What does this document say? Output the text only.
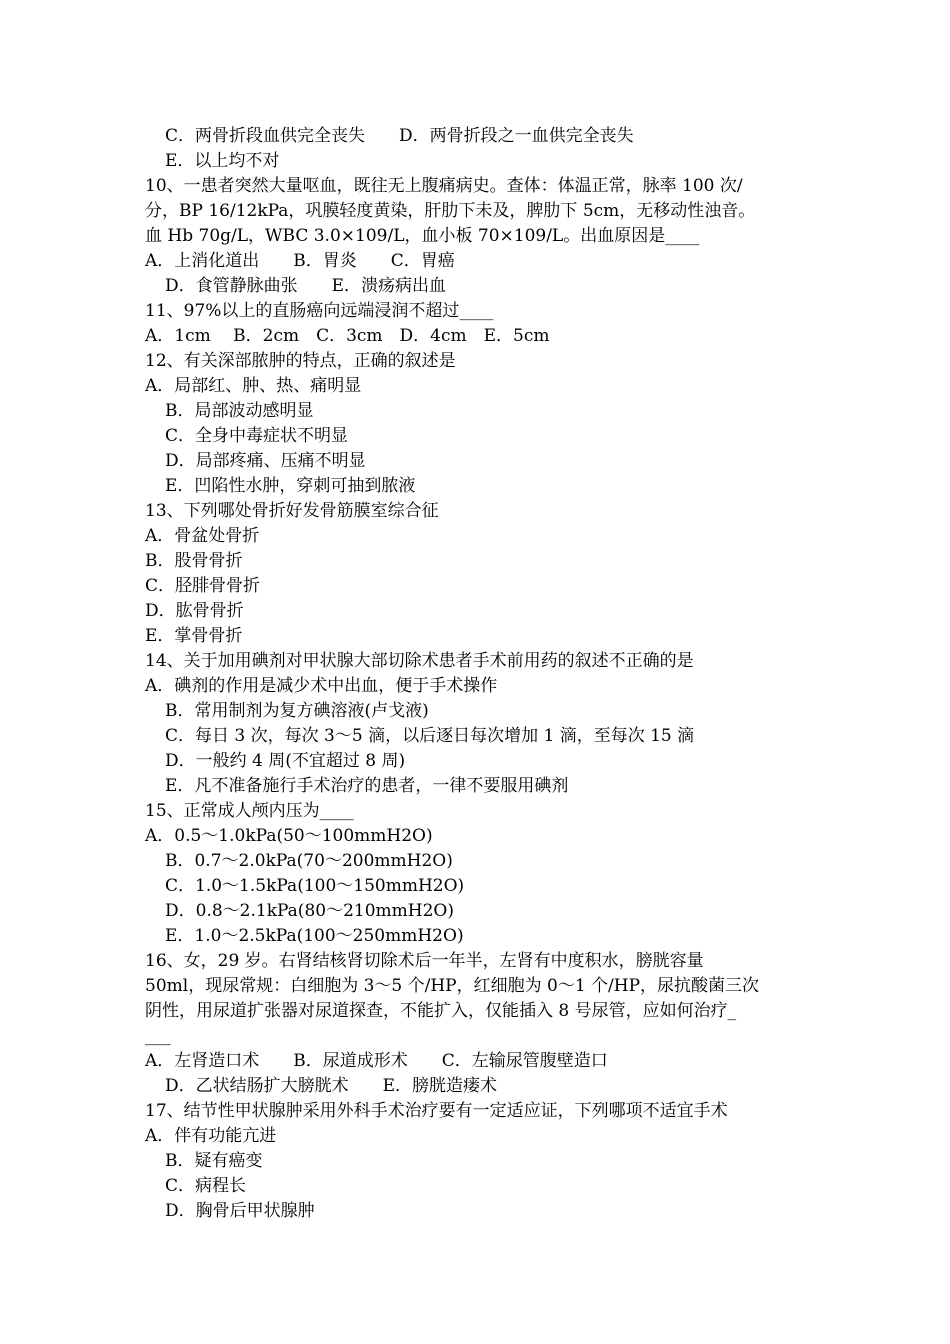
C．两骨折段血供完全丧失　　D．两骨折段之一血供完全丧失
E．以上均不对
10、一患者突然大量呕血，既往无上腹痛病史。查体：体温正常，脉率 100 次/
分，BP 16/12kPa，巩膜轻度黄染，肝肋下未及，脾肋下 5cm，无移动性浊音。
血 Hb 70g/L，WBC 3.0×109/L，血小板 70×109/L。出血原因是____
A．上消化道出　　B．胃炎　　C．胃癌
D．食管静脉曲张　　E．溃疡病出血
11、97%以上的直肠癌向远端浸润不超过____
A．1cm　 B．2cm　C．3cm　D．4cm　E．5cm
12、有关深部脓肿的特点，正确的叙述是
A．局部红、肿、热、痛明显
B．局部波动感明显
C．全身中毒症状不明显
D．局部疼痛、压痛不明显
E．凹陷性水肿，穿刺可抽到脓液
13、下列哪处骨折好发骨筋膜室综合征
A．骨盆处骨折
B．股骨骨折
C．胫腓骨骨折
D．肱骨骨折
E．掌骨骨折
14、关于加用碘剂对甲状腺大部切除术患者手术前用药的叙述不正确的是
A．碘剂的作用是减少术中出血，便于手术操作
B．常用制剂为复方碘溶液(卢戈液)
C．每日 3 次，每次 3～5 滴，以后逐日每次增加 1 滴，至每次 15 滴
D．一般约 4 周(不宜超过 8 周)
E．凡不准备施行手术治疗的患者，一律不要服用碘剂
15、正常成人颅内压为____
A．0.5～1.0kPa(50～100mmH2O)
B．0.7～2.0kPa(70～200mmH2O)
C．1.0～1.5kPa(100～150mmH2O)
D．0.8～2.1kPa(80～210mmH2O)
E．1.0～2.5kPa(100～250mmH2O)
16、女，29 岁。右肾结核肾切除术后一年半，左肾有中度积水，膀胱容量
50ml，现尿常规：白细胞为 3～5 个/HP，红细胞为 0～1 个/HP，尿抗酸菌三次
阴性，用尿道扩张器对尿道探查，不能扩入，仅能插入 8 号尿管，应如何治疗_
___
A．左肾造口术　　B．尿道成形术　　C．左输尿管腹壁造口
D．乙状结肠扩大膀胱术　　E．膀胱造瘘术
17、结节性甲状腺肿采用外科手术治疗要有一定适应证，下列哪项不适宜手术
A．伴有功能亢进
B．疑有癌变
C．病程长
D．胸骨后甲状腺肿
